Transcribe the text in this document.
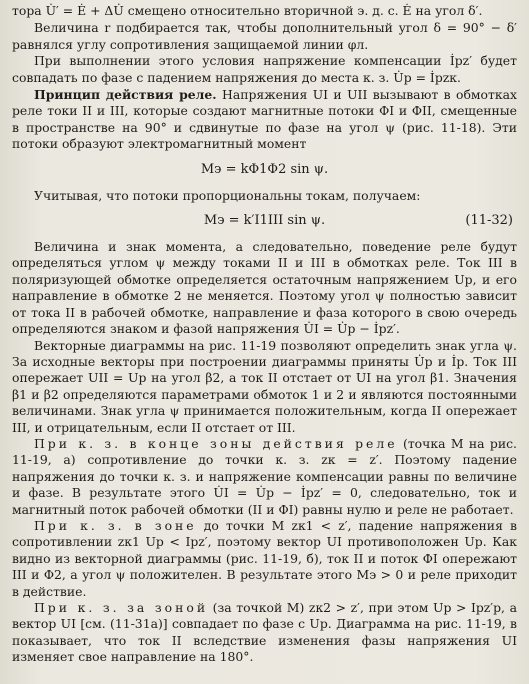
тора U̇′ = Ė + ΔU̇ смещено относительно вторичной э. д. с. Ė на угол δ′.

Величина r подбирается так, чтобы дополнительный угол δ = 90° − δ′ равнялся углу сопротивления защищаемой линии φл.

При выполнении этого условия напряжение компенсации İрz′ будет совпадать по фазе с падением напряжения до места к. з. U̇р = İрzк.

Принцип действия реле. Напряжения UI и UII вызывают в обмотках реле токи II и III, которые создают магнитные потоки ΦI и ΦII, смещенные в пространстве на 90° и сдвинутые по фазе на угол ψ (рис. 11-18). Эти потоки образуют электромагнитный момент

Mэ = kΦ1Φ2 sin ψ.

Учитывая, что потоки пропорциональны токам, получаем:

Mэ = k′I1III sin ψ.	(11-32)

Величина и знак момента, а следовательно, поведение реле будут определяться углом ψ между токами II и III в обмотках реле. Ток III в поляризующей обмотке определяется остаточным напряжением Uр, и его направление в обмотке 2 не меняется. Поэтому угол ψ полностью зависит от тока II в рабочей обмотке, направление и фаза которого в свою очередь определяются знаком и фазой напряжения U̇I = U̇р − İрz′.

Векторные диаграммы на рис. 11-19 позволяют определить знак угла ψ. За исходные векторы при построении диаграммы приняты U̇р и İр. Ток III опережает UII = Uр на угол β2, а ток II отстает от UI на угол β1. Значения β1 и β2 определяются параметрами обмоток 1 и 2 и являются постоянными величинами. Знак угла ψ принимается положительным, когда II опережает III, и отрицательным, если II отстает от III.

При к. з. в конце зоны действия реле (точка M на рис. 11-19, а) сопротивление до точки к. з. zк = z′. Поэтому падение напряжения до точки к. з. и напряжение компенсации равны по величине и фазе. В результате этого U̇I = U̇р − İрz′ = 0, следовательно, ток и магнитный поток рабочей обмотки (II и ΦI) равны нулю и реле не работает.

При к. з. в зоне до точки M zк1 < z′, падение напряжения в сопротивлении zк1 Uр < Iрz′, поэтому вектор UI противоположен Uр. Как видно из векторной диаграммы (рис. 11-19, б), ток II и поток ΦI опережают III и Φ2, а угол ψ положителен. В результате этого Mэ > 0 и реле приходит в действие.

При к. з. за зоной (за точкой M) zк2 > z′, при этом Uр > Iрz′р, а вектор UI [см. (11-31а)] совпадает по фазе с Uр. Диаграмма на рис. 11-19, в показывает, что ток II вследствие изменения фазы напряжения UI изменяет свое направление на 180°.
